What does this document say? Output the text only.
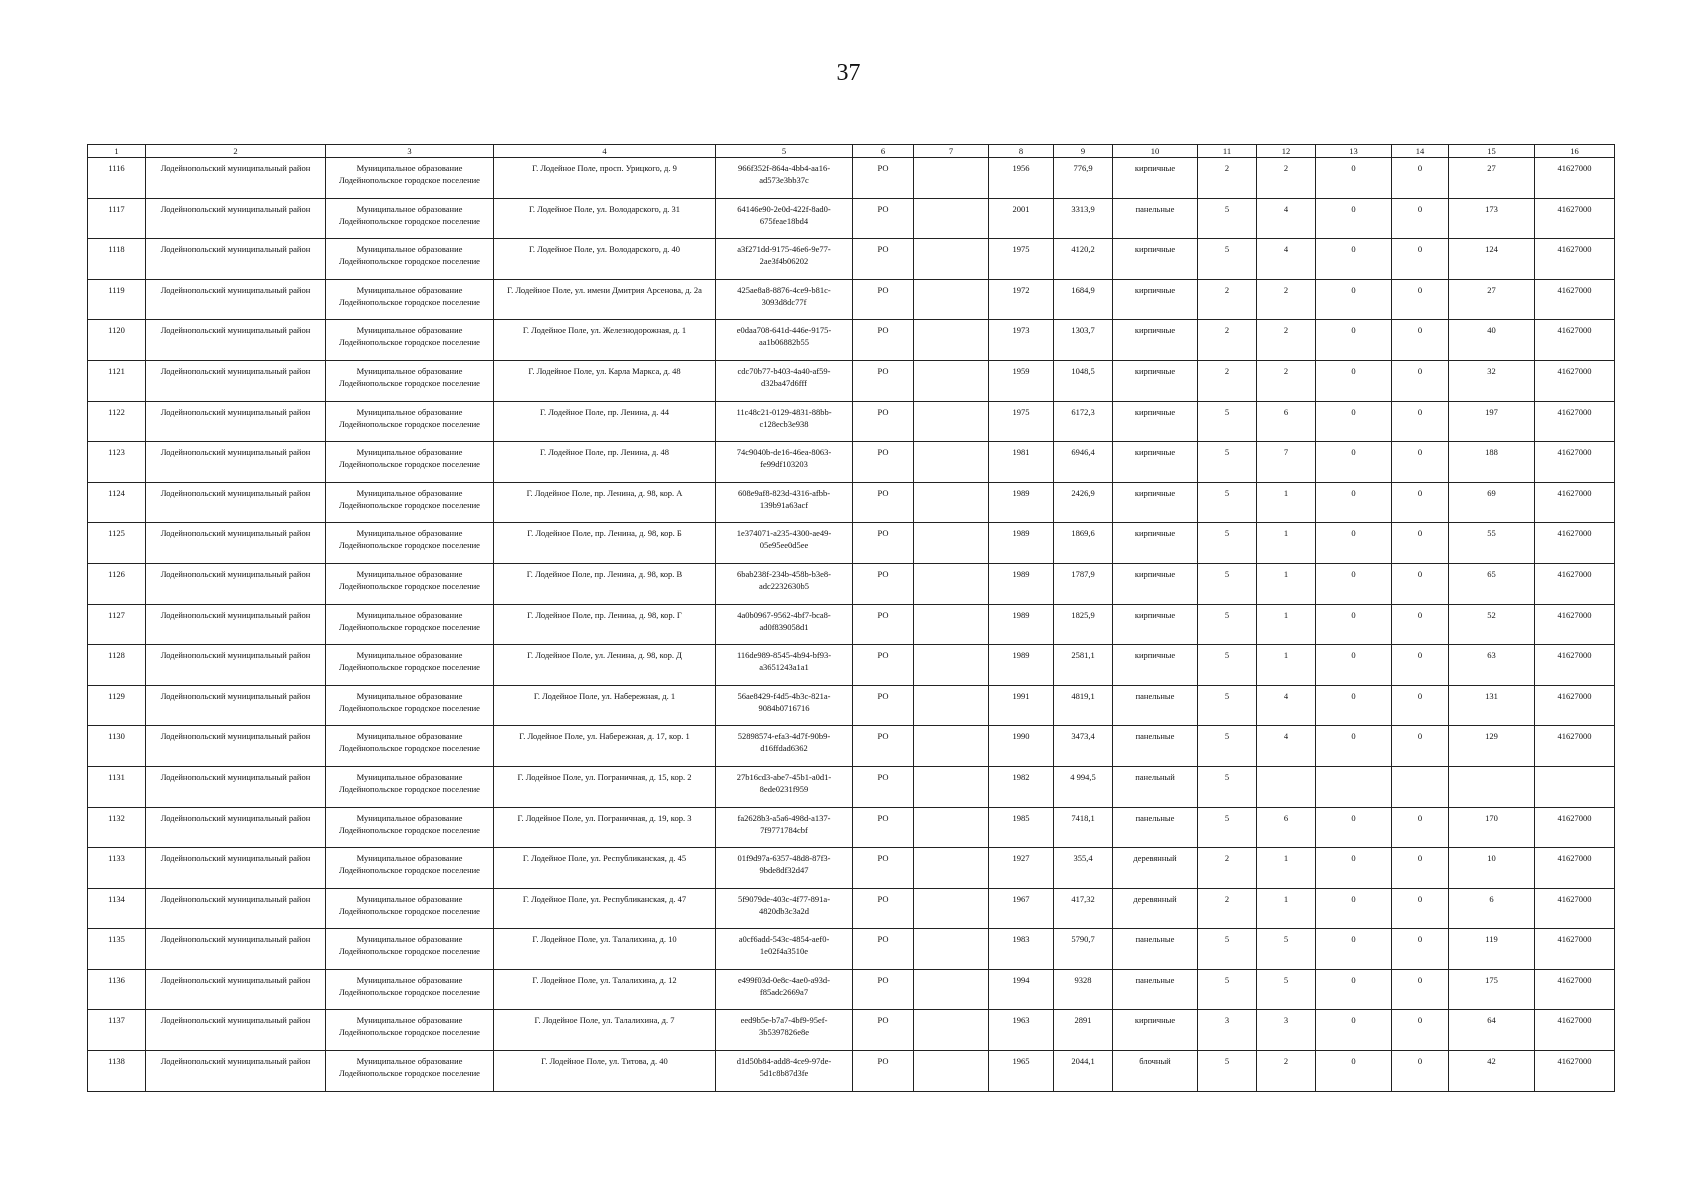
37
1	2	3	4	5	6	7	8	9	10	11	12	13	14	15	16
1116	Лодейнопольский муниципальный район	Муниципальное образование Лодейнопольское городское поселение	Г. Лодейное Поле, просп. Урицкого, д. 9	966f352f-864a-4bb4-aa16-ad573e3bb37c	РО		1956	776,9	кирпичные	2	2	0	0	27	41627000
1117	Лодейнопольский муниципальный район	Муниципальное образование Лодейнопольское городское поселение	Г. Лодейное Поле, ул. Володарского, д. 31	64146e90-2e0d-422f-8ad0-675feae18bd4	РО		2001	3313,9	панельные	5	4	0	0	173	41627000
1118	Лодейнопольский муниципальный район	Муниципальное образование Лодейнопольское городское поселение	Г. Лодейное Поле, ул. Володарского, д. 40	a3f271dd-9175-46e6-9e77-2ae3f4b06202	РО		1975	4120,2	кирпичные	5	4	0	0	124	41627000
1119	Лодейнопольский муниципальный район	Муниципальное образование Лодейнопольское городское поселение	Г. Лодейное Поле, ул. имени Дмитрия Арсенова, д. 2а	425ae8a8-8876-4ce9-b81c-3093d8dc77f	РО		1972	1684,9	кирпичные	2	2	0	0	27	41627000
1120	Лодейнопольский муниципальный район	Муниципальное образование Лодейнопольское городское поселение	Г. Лодейное Поле, ул. Железнодорожная, д. 1	e0daa708-641d-446e-9175-aa1b06882b55	РО		1973	1303,7	кирпичные	2	2	0	0	40	41627000
1121	Лодейнопольский муниципальный район	Муниципальное образование Лодейнопольское городское поселение	Г. Лодейное Поле, ул. Карла Маркса, д. 48	cdc70b77-b403-4a40-af59-d32ba47d6fff	РО		1959	1048,5	кирпичные	2	2	0	0	32	41627000
1122	Лодейнопольский муниципальный район	Муниципальное образование Лодейнопольское городское поселение	Г. Лодейное Поле, пр. Ленина, д. 44	11c48c21-0129-4831-88bb-c128ecb3e938	РО		1975	6172,3	кирпичные	5	6	0	0	197	41627000
1123	Лодейнопольский муниципальный район	Муниципальное образование Лодейнопольское городское поселение	Г. Лодейное Поле, пр. Ленина, д. 48	74c9040b-de16-46ea-8063-fe99df103203	РО		1981	6946,4	кирпичные	5	7	0	0	188	41627000
1124	Лодейнопольский муниципальный район	Муниципальное образование Лодейнопольское городское поселение	Г. Лодейное Поле, пр. Ленина, д. 98, кор. А	608e9af8-823d-4316-afbb-139b91a63acf	РО		1989	2426,9	кирпичные	5	1	0	0	69	41627000
1125	Лодейнопольский муниципальный район	Муниципальное образование Лодейнопольское городское поселение	Г. Лодейное Поле, пр. Ленина, д. 98, кор. Б	1e374071-a235-4300-ae49-05e95ee0d5ee	РО		1989	1869,6	кирпичные	5	1	0	0	55	41627000
1126	Лодейнопольский муниципальный район	Муниципальное образование Лодейнопольское городское поселение	Г. Лодейное Поле, пр. Ленина, д. 98, кор. В	6bab238f-234b-458b-b3e8-adc2232630b5	РО		1989	1787,9	кирпичные	5	1	0	0	65	41627000
1127	Лодейнопольский муниципальный район	Муниципальное образование Лодейнопольское городское поселение	Г. Лодейное Поле, пр. Ленина, д. 98, кор. Г	4a0b0967-9562-4bf7-bca8-ad0f839058d1	РО		1989	1825,9	кирпичные	5	1	0	0	52	41627000
1128	Лодейнопольский муниципальный район	Муниципальное образование Лодейнопольское городское поселение	Г. Лодейное Поле, ул. Ленина, д. 98, кор. Д	116de989-8545-4b94-bf93-a3651243a1a1	РО		1989	2581,1	кирпичные	5	1	0	0	63	41627000
1129	Лодейнопольский муниципальный район	Муниципальное образование Лодейнопольское городское поселение	Г. Лодейное Поле, ул. Набережная, д. 1	56ae8429-f4d5-4b3c-821a-9084b0716716	РО		1991	4819,1	панельные	5	4	0	0	131	41627000
1130	Лодейнопольский муниципальный район	Муниципальное образование Лодейнопольское городское поселение	Г. Лодейное Поле, ул. Набережная, д. 17, кор. 1	52898574-efa3-4d7f-90b9-d16ffdad6362	РО		1990	3473,4	панельные	5	4	0	0	129	41627000
1131	Лодейнопольский муниципальный район	Муниципальное образование Лодейнопольское городское поселение	Г. Лодейное Поле, ул. Пограничная, д. 15, кор. 2	27b16cd3-abe7-45b1-a0d1-8ede0231f959	РО		1982	4 994,5	панельный	5					
1132	Лодейнопольский муниципальный район	Муниципальное образование Лодейнопольское городское поселение	Г. Лодейное Поле, ул. Пограничная, д. 19, кор. 3	fa2628b3-a5a6-498d-a137-7f9771784cbf	РО		1985	7418,1	панельные	5	6	0	0	170	41627000
1133	Лодейнопольский муниципальный район	Муниципальное образование Лодейнопольское городское поселение	Г. Лодейное Поле, ул. Республиканская, д. 45	01f9d97a-6357-48d8-87f3-9bde8df32d47	РО		1927	355,4	деревянный	2	1	0	0	10	41627000
1134	Лодейнопольский муниципальный район	Муниципальное образование Лодейнопольское городское поселение	Г. Лодейное Поле, ул. Республиканская, д. 47	5f9079de-403c-4f77-891a-4820db3c3a2d	РО		1967	417,32	деревянный	2	1	0	0	6	41627000
1135	Лодейнопольский муниципальный район	Муниципальное образование Лодейнопольское городское поселение	Г. Лодейное Поле, ул. Талалихина, д. 10	a0cf6add-543c-4854-aef0-1e02f4a3510e	РО		1983	5790,7	панельные	5	5	0	0	119	41627000
1136	Лодейнопольский муниципальный район	Муниципальное образование Лодейнопольское городское поселение	Г. Лодейное Поле, ул. Талалихина, д. 12	e499f03d-0e8c-4ae0-a93d-f85adc2669a7	РО		1994	9328	панельные	5	5	0	0	175	41627000
1137	Лодейнопольский муниципальный район	Муниципальное образование Лодейнопольское городское поселение	Г. Лодейное Поле, ул. Талалихина, д. 7	eed9b5e-b7a7-4bf9-95ef-3b5397826e8e	РО		1963	2891	кирпичные	3	3	0	0	64	41627000
1138	Лодейнопольский муниципальный район	Муниципальное образование Лодейнопольское городское поселение	Г. Лодейное Поле, ул. Титова, д. 40	d1d50b84-add8-4ce9-97de-5d1c8b87d3fe	РО		1965	2044,1	блочный	5	2	0	0	42	41627000
